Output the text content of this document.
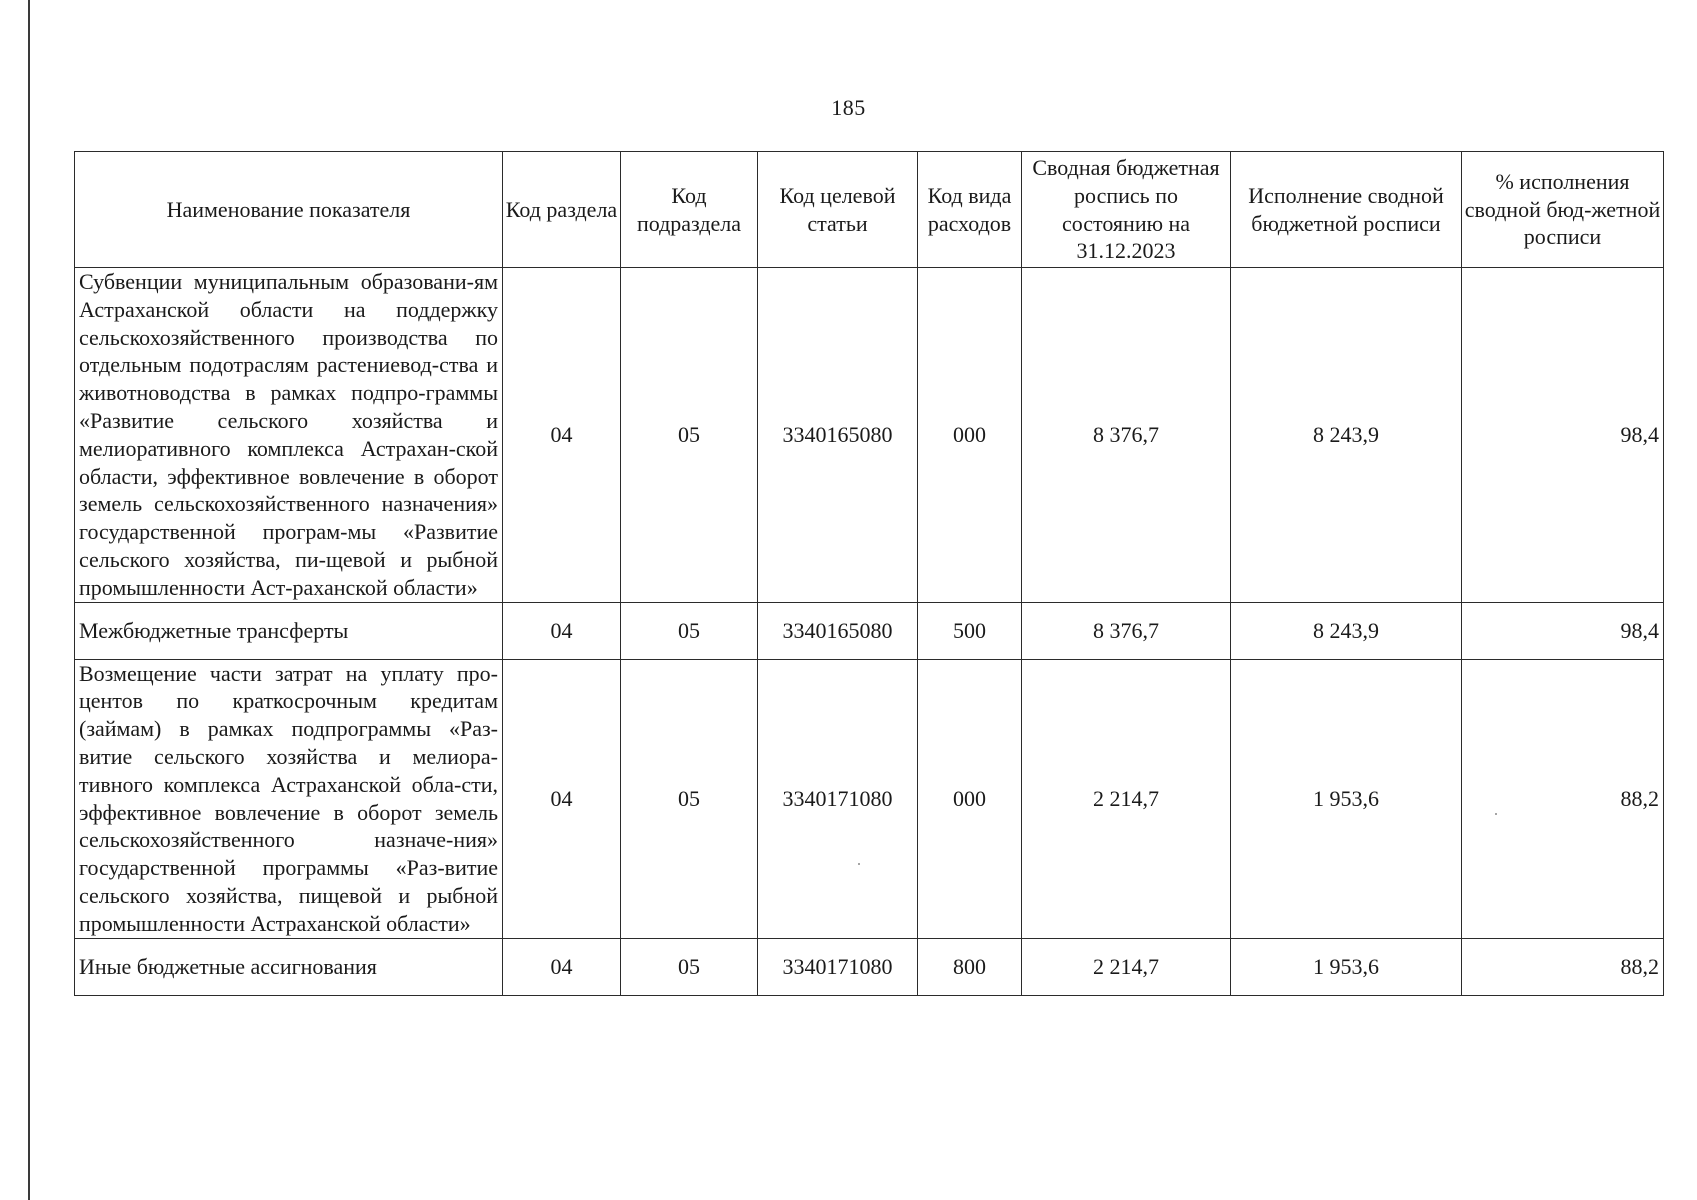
185
Наименование показателя	Код раздела	Код подраздела	Код целевой статьи	Код вида расходов	Сводная бюджетная роспись по состоянию на 31.12.2023	Исполнение сводной бюджетной росписи	% исполнения сводной бюд-жетной росписи
Субвенции муниципальным образовани-ям Астраханской области на поддержку сельскохозяйственного производства по отдельным подотраслям растениевод-ства и животноводства в рамках подпро-граммы «Развитие сельского хозяйства и мелиоративного комплекса Астрахан-ской области, эффективное вовлечение в оборот земель сельскохозяйственного назначения» государственной програм-мы «Развитие сельского хозяйства, пи-щевой и рыбной промышленности Аст-раханской области»	04	05	3340165080	000	8 376,7	8 243,9	98,4
Межбюджетные трансферты	04	05	3340165080	500	8 376,7	8 243,9	98,4
Возмещение части затрат на уплату про-центов по краткосрочным кредитам (займам) в рамках подпрограммы «Раз-витие сельского хозяйства и мелиора-тивного комплекса Астраханской обла-сти, эффективное вовлечение в оборот земель сельскохозяйственного назначе-ния» государственной программы «Раз-витие сельского хозяйства, пищевой и рыбной промышленности Астраханской области»	04	05	3340171080	000	2 214,7	1 953,6	88,2
Иные бюджетные ассигнования	04	05	3340171080	800	2 214,7	1 953,6	88,2
